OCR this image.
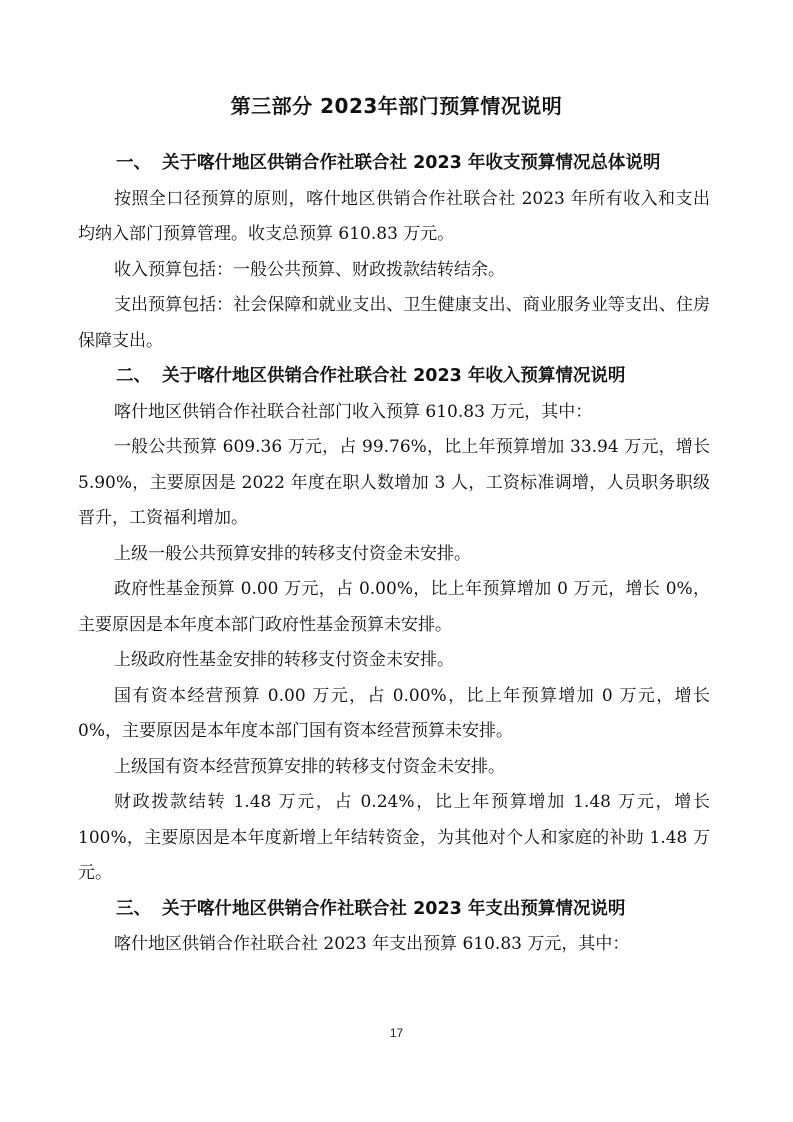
第三部分 2023年部门预算情况说明
一、 关于喀什地区供销合作社联合社 2023 年收支预算情况总体说明
按照全口径预算的原则，喀什地区供销合作社联合社 2023 年所有收入和支出均纳入部门预算管理。收支总预算 610.83 万元。
收入预算包括：一般公共预算、财政拨款结转结余。
支出预算包括：社会保障和就业支出、卫生健康支出、商业服务业等支出、住房保障支出。
二、 关于喀什地区供销合作社联合社 2023 年收入预算情况说明
喀什地区供销合作社联合社部门收入预算 610.83 万元，其中：
一般公共预算 609.36 万元，占 99.76%，比上年预算增加 33.94 万元，增长 5.90%，主要原因是 2022 年度在职人数增加 3 人，工资标准调增，人员职务职级晋升，工资福利增加。
上级一般公共预算安排的转移支付资金未安排。
政府性基金预算 0.00 万元，占 0.00%，比上年预算增加 0 万元，增长 0%，主要原因是本年度本部门政府性基金预算未安排。
上级政府性基金安排的转移支付资金未安排。
国有资本经营预算 0.00 万元，占 0.00%，比上年预算增加 0 万元，增长 0%，主要原因是本年度本部门国有资本经营预算未安排。
上级国有资本经营预算安排的转移支付资金未安排。
财政拨款结转 1.48 万元，占 0.24%，比上年预算增加 1.48 万元，增长 100%，主要原因是本年度新增上年结转资金，为其他对个人和家庭的补助 1.48 万元。
三、 关于喀什地区供销合作社联合社 2023 年支出预算情况说明
喀什地区供销合作社联合社 2023 年支出预算 610.83 万元，其中：
17
